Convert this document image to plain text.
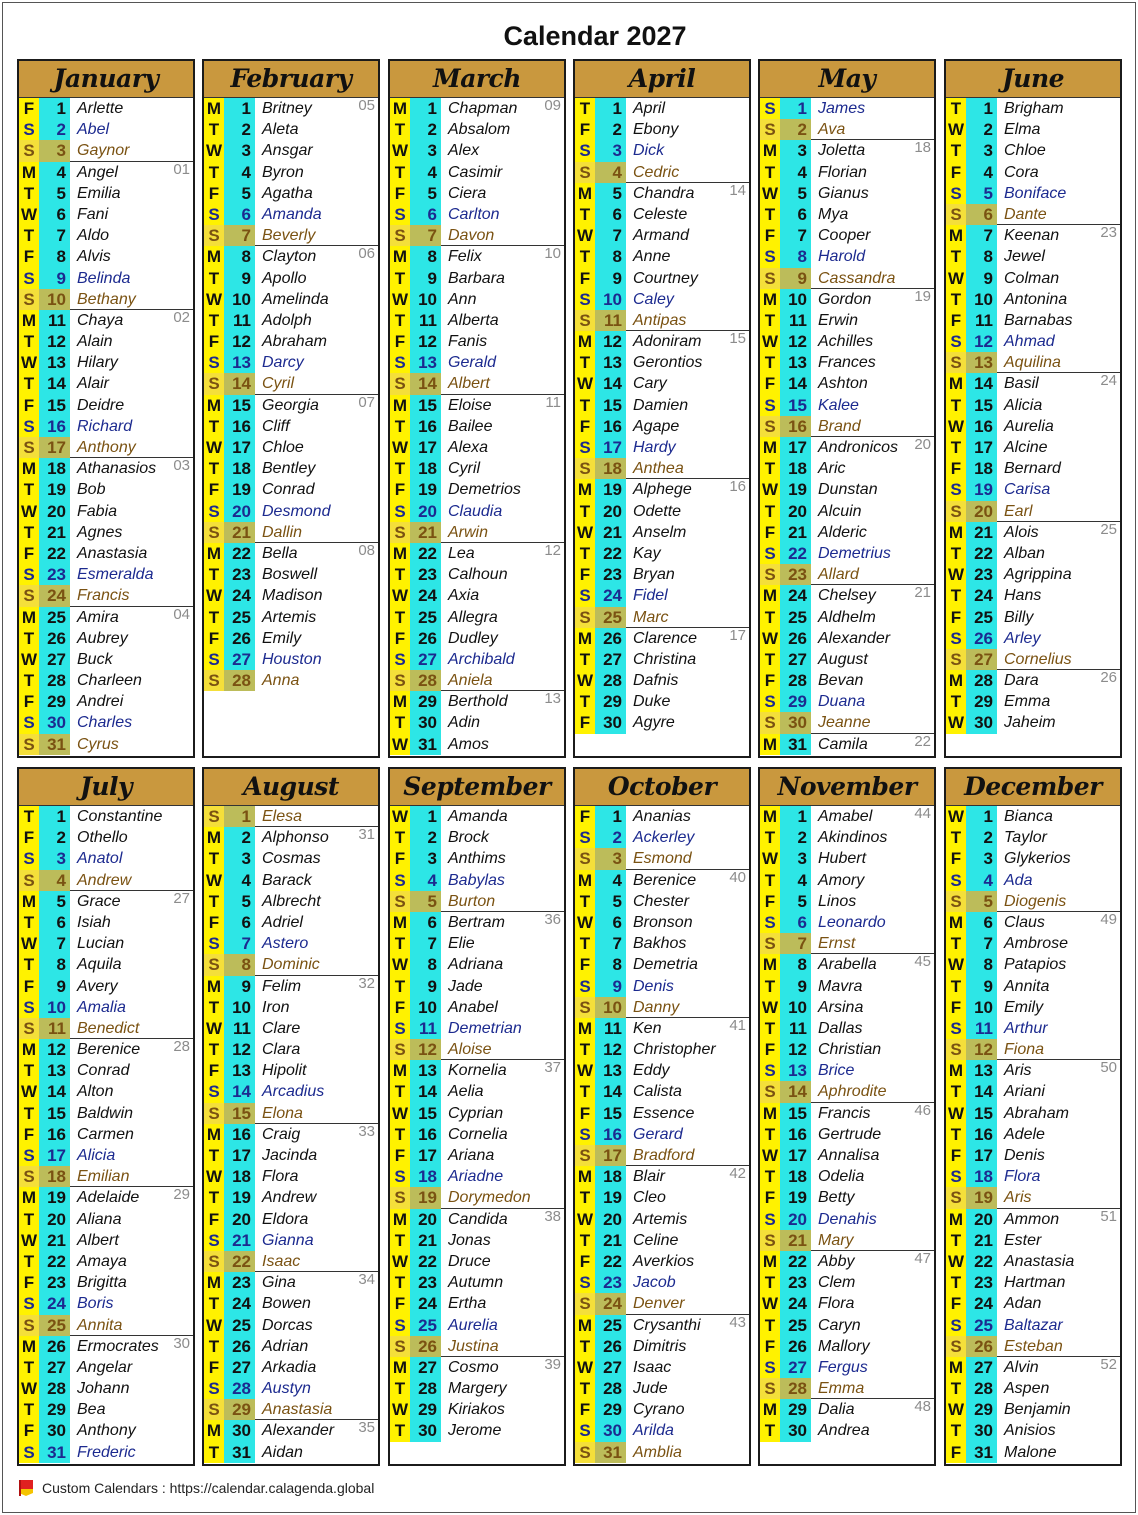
Calendar 2027
January
F	1 Arlette
S	2 Abel
S	3 Gaynor
M	4 Angel	01
T	5 Emilia
W	6 Fani
T	7 Aldo
F	8 Alvis
S	9 Belinda
S 10 Bethany
M 11 Chaya	02
T 12 Alain
W 13 Hilary
T 14 Alair
F 15 Deidre
S 16 Richard
S 17 Anthony
M 18 Athanasios	03
T 19 Bob
W 20 Fabia
T 21 Agnes
F 22 Anastasia
S 23 Esmeralda
S 24 Francis
M 25 Amira	04
T 26 Aubrey
W 27 Buck
T 28 Charleen
F 29 Andrei
S 30 Charles
S 31 Cyrus
February
M	1 Britney	05
T	2 Aleta
W	3 Ansgar
T	4 Byron
F	5 Agatha
S	6 Amanda
S	7 Beverly
M	8 Clayton	06
T	9 Apollo
W 10 Amelinda
T 11 Adolph
F 12 Abraham
S 13 Darcy
S 14 Cyril
M 15 Georgia	07
T 16 Cliff
W 17 Chloe
T 18 Bentley
F 19 Conrad
S 20 Desmond
S 21 Dallin
M 22 Bella	08
T 23 Boswell
W 24 Madison
T 25 Artemis
F 26 Emily
S 27 Houston
S 28 Anna
March
M	1 Chapman	09
T	2 Absalom
W	3 Alex
T	4 Casimir
F	5 Ciera
S	6 Carlton
S	7 Davon
M	8 Felix	10
T	9 Barbara
W 10 Ann
T 11 Alberta
F 12 Fanis
S 13 Gerald
S 14 Albert
M 15 Eloise	11
T 16 Bailee
W 17 Alexa
T 18 Cyril
F 19 Demetrios
S 20 Claudia
S 21 Arwin
M 22 Lea	12
T 23 Calhoun
W 24 Axia
T 25 Allegra
F 26 Dudley
S 27 Archibald
S 28 Aniela
M 29 Berthold	13
T 30 Adin
W 31 Amos
April
T	1 April
F	2 Ebony
S	3 Dick
S	4 Cedric
M	5 Chandra	14
T	6 Celeste
W	7 Armand
T	8 Anne
F	9 Courtney
S 10 Caley
S 11 Antipas
M 12 Adoniram	15
T 13 Gerontios
W 14 Cary
T 15 Damien
F 16 Agape
S 17 Hardy
S 18 Anthea
M 19 Alphege	16
T 20 Odette
W 21 Anselm
T 22 Kay
F 23 Bryan
S 24 Fidel
S 25 Marc
M 26 Clarence	17
T 27 Christina
W 28 Dafnis
T 29 Duke
F 30 Agyre
May
S	1 James
S	2 Ava
M	3 Joletta	18
T	4 Florian
W	5 Gianus
T	6 Mya
F	7 Cooper
S	8 Harold
S	9 Cassandra
M 10 Gordon	19
T 11 Erwin
W 12 Achilles
T 13 Frances
F 14 Ashton
S 15 Kalee
S 16 Brand
M 17 Andronicos	20
T 18 Aric
W 19 Dunstan
T 20 Alcuin
F 21 Alderic
S 22 Demetrius
S 23 Allard
M 24 Chelsey	21
T 25 Aldhelm
W 26 Alexander
T 27 August
F 28 Bevan
S 29 Duana
S 30 Jeanne
M 31 Camila	22
June
T	1 Brigham
W	2 Elma
T	3 Chloe
F	4 Cora
S	5 Boniface
S	6 Dante
M	7 Keenan	23
T	8 Jewel
W	9 Colman
T 10 Antonina
F 11 Barnabas
S 12 Ahmad
S 13 Aquilina
M 14 Basil	24
T 15 Alicia
W 16 Aurelia
T 17 Alcine
F 18 Bernard
S 19 Carisa
S 20 Earl
M 21 Alois	25
T 22 Alban
W 23 Agrippina
T 24 Hans
F 25 Billy
S 26 Arley
S 27 Cornelius
M 28 Dara	26
T 29 Emma
W 30 Jaheim
July
T	1 Constantine
F	2 Othello
S	3 Anatol
S	4 Andrew
M	5 Grace	27
T	6 Isiah
W	7 Lucian
T	8 Aquila
F	9 Avery
S 10 Amalia
S 11 Benedict
M 12 Berenice	28
T 13 Conrad
W 14 Alton
T 15 Baldwin
F 16 Carmen
S 17 Alicia
S 18 Emilian
M 19 Adelaide	29
T 20 Aliana
W 21 Albert
T 22 Amaya
F 23 Brigitta
S 24 Boris
S 25 Annita
M 26 Ermocrates 30
T 27 Angelar
W 28 Johann
T 29 Bea
F 30 Anthony
S 31 Frederic
August
S	1 Elesa
M	2 Alphonso	31
T	3 Cosmas
W	4 Barack
T	5 Albrecht
F	6 Adriel
S	7 Astero
S	8 Dominic
M	9 Felim	32
T 10 Iron
W 11 Clare
T 12 Clara
F 13 Hipolit
S 14 Arcadius
S 15 Elona
M 16 Craig	33
T 17 Jacinda
W 18 Flora
T 19 Andrew
F 20 Eldora
S 21 Gianna
S 22 Isaac
M 23 Gina	34
T 24 Bowen
W 25 Dorcas
T 26 Adrian
F 27 Arkadia
S 28 Austyn
S 29 Anastasia
M 30 Alexander	35
T 31 Aidan
September
W	1 Amanda
T	2 Brock
F	3 Anthims
S	4 Babylas
S	5 Burton
M	6 Bertram	36
T	7 Elie
W	8 Adriana
T	9 Jade
F 10 Anabel
S 11 Demetrian
S 12 Aloise
M 13 Kornelia	37
T 14 Aelia
W 15 Cyprian
T 16 Cornelia
F 17 Ariana
S 18 Ariadne
S 19 Dorymedon
M 20 Candida	38
T 21 Jonas
W 22 Druce
T 23 Autumn
F 24 Ertha
S 25 Aurelia
S 26 Justina
M 27 Cosmo	39
T 28 Margery
W 29 Kiriakos
T 30 Jerome
October
F	1 Ananias
S	2 Ackerley
S	3 Esmond
M	4 Berenice	40
T	5 Chester
W	6 Bronson
T	7 Bakhos
F	8 Demetria
S	9 Denis
S 10 Danny
M 11 Ken	41
T 12 Christopher
W 13 Eddy
T 14 Calista
F 15 Essence
S 16 Gerard
S 17 Bradford
M 18 Blair	42
T 19 Cleo
W 20 Artemis
T 21 Celine
F 22 Averkios
S 23 Jacob
S 24 Denver
M 25 Crysanthi	43
T 26 Dimitris
W 27 Isaac
T 28 Jude
F 29 Cyrano
S 30 Arilda
S 31 Amblia
November
M	1 Amabel	44
T	2 Akindinos
W	3 Hubert
T	4 Amory
F	5 Linos
S	6 Leonardo
S	7 Ernst
M	8 Arabella	45
T	9 Mavra
W 10 Arsina
T 11 Dallas
F 12 Christian
S 13 Brice
S 14 Aphrodite
M 15 Francis	46
T 16 Gertrude
W 17 Annalisa
T 18 Odelia
F 19 Betty
S 20 Denahis
S 21 Mary
M 22 Abby	47
T 23 Clem
W 24 Flora
T 25 Caryn
F 26 Mallory
S 27 Fergus
S 28 Emma
M 29 Dalia	48
T 30 Andrea
December
W	1 Bianca
T	2 Taylor
F	3 Glykerios
S	4 Ada
S	5 Diogenis
M	6 Claus	49
T	7 Ambrose
W	8 Patapios
T	9 Annita
F 10 Emily
S 11 Arthur
S 12 Fiona
M 13 Aris	50
T 14 Ariani
W 15 Abraham
T 16 Adele
F 17 Denis
S 18 Flora
S 19 Aris
M 20 Ammon	51
T 21 Ester
W 22 Anastasia
T 23 Hartman
F 24 Adan
S 25 Baltazar
S 26 Esteban
M 27 Alvin	52
T 28 Aspen
W 29 Benjamin
T 30 Anisios
F 31 Malone
Custom Calendars : https://calendar.calagenda.global
